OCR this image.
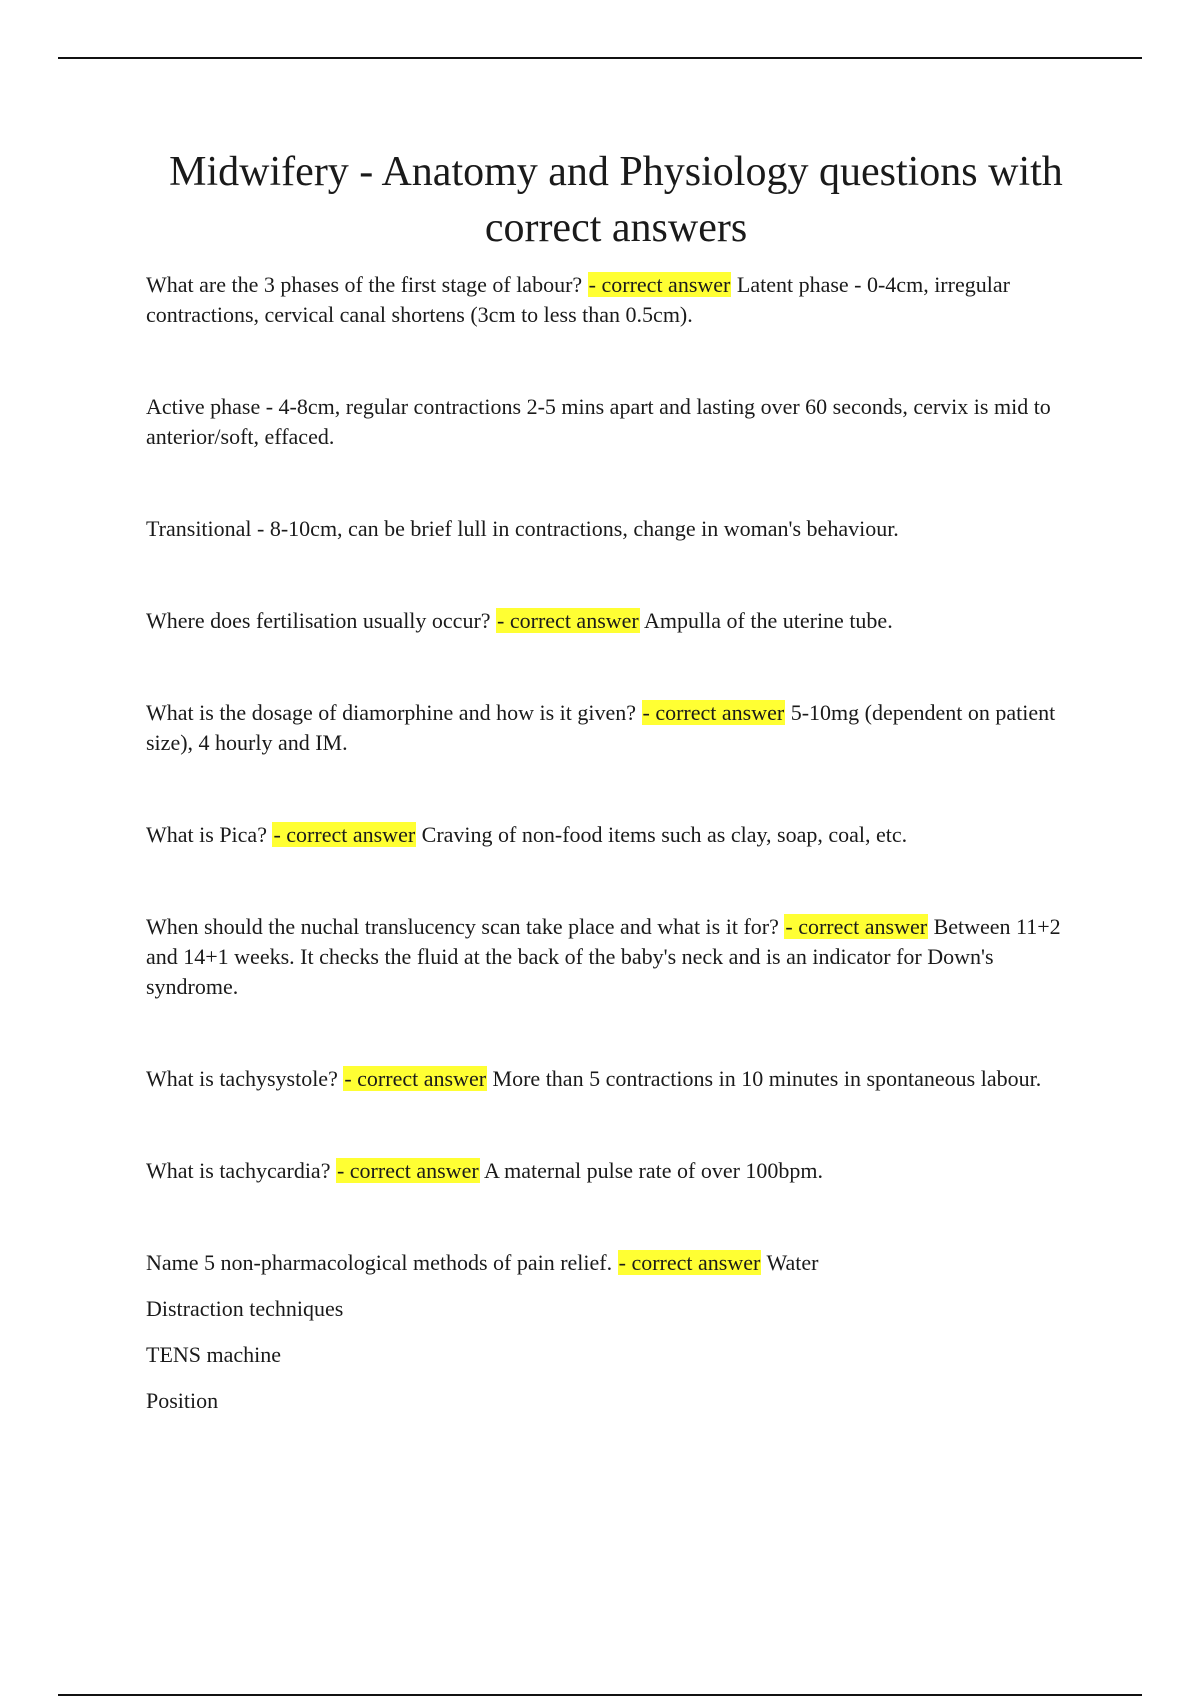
Midwifery - Anatomy and Physiology questions with correct answers

What are the 3 phases of the first stage of labour? - correct answer Latent phase - 0-4cm, irregular contractions, cervical canal shortens (3cm to less than 0.5cm).

Active phase - 4-8cm, regular contractions 2-5 mins apart and lasting over 60 seconds, cervix is mid to anterior/soft, effaced.

Transitional - 8-10cm, can be brief lull in contractions, change in woman's behaviour.

Where does fertilisation usually occur? - correct answer Ampulla of the uterine tube.

What is the dosage of diamorphine and how is it given? - correct answer 5-10mg (dependent on patient size), 4 hourly and IM.

What is Pica? - correct answer Craving of non-food items such as clay, soap, coal, etc.

When should the nuchal translucency scan take place and what is it for? - correct answer Between 11+2 and 14+1 weeks. It checks the fluid at the back of the baby's neck and is an indicator for Down's syndrome.

What is tachysystole? - correct answer More than 5 contractions in 10 minutes in spontaneous labour.

What is tachycardia? - correct answer A maternal pulse rate of over 100bpm.

Name 5 non-pharmacological methods of pain relief. - correct answer Water

Distraction techniques

TENS machine

Position
